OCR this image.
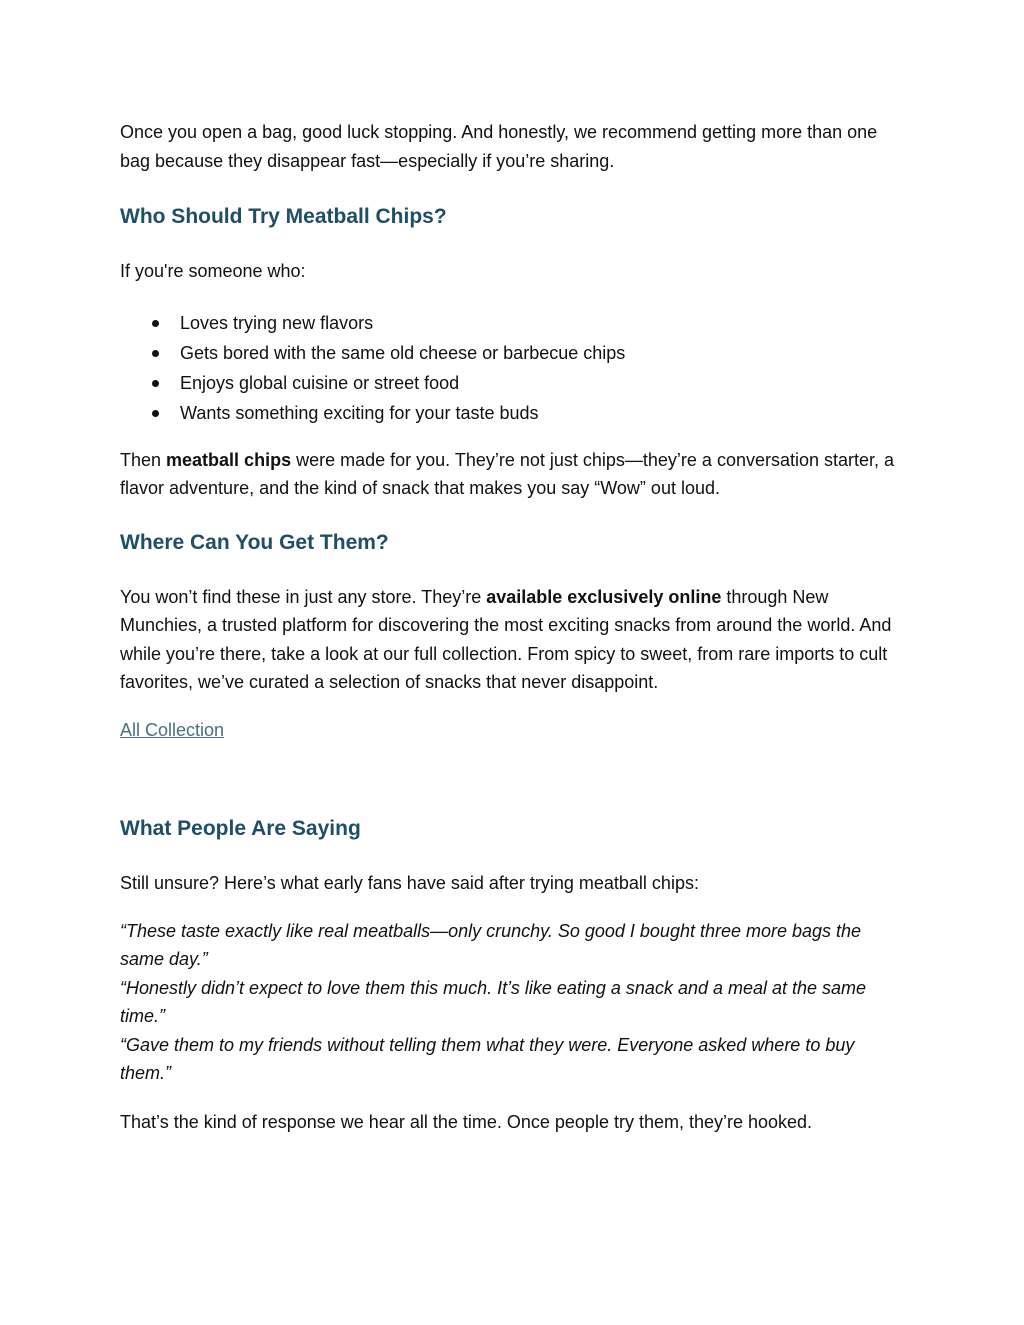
Once you open a bag, good luck stopping. And honestly, we recommend getting more than one bag because they disappear fast—especially if you’re sharing.

Who Should Try Meatball Chips?

If you're someone who:

Loves trying new flavors
Gets bored with the same old cheese or barbecue chips
Enjoys global cuisine or street food
Wants something exciting for your taste buds

Then meatball chips were made for you. They’re not just chips—they’re a conversation starter, a flavor adventure, and the kind of snack that makes you say “Wow” out loud.

Where Can You Get Them?

You won’t find these in just any store. They’re available exclusively online through New Munchies, a trusted platform for discovering the most exciting snacks from around the world. And while you’re there, take a look at our full collection. From spicy to sweet, from rare imports to cult favorites, we’ve curated a selection of snacks that never disappoint.

All Collection

What People Are Saying

Still unsure? Here’s what early fans have said after trying meatball chips:

“These taste exactly like real meatballs—only crunchy. So good I bought three more bags the same day.”
“Honestly didn’t expect to love them this much. It’s like eating a snack and a meal at the same time.”
“Gave them to my friends without telling them what they were. Everyone asked where to buy them.”

That’s the kind of response we hear all the time. Once people try them, they’re hooked.
